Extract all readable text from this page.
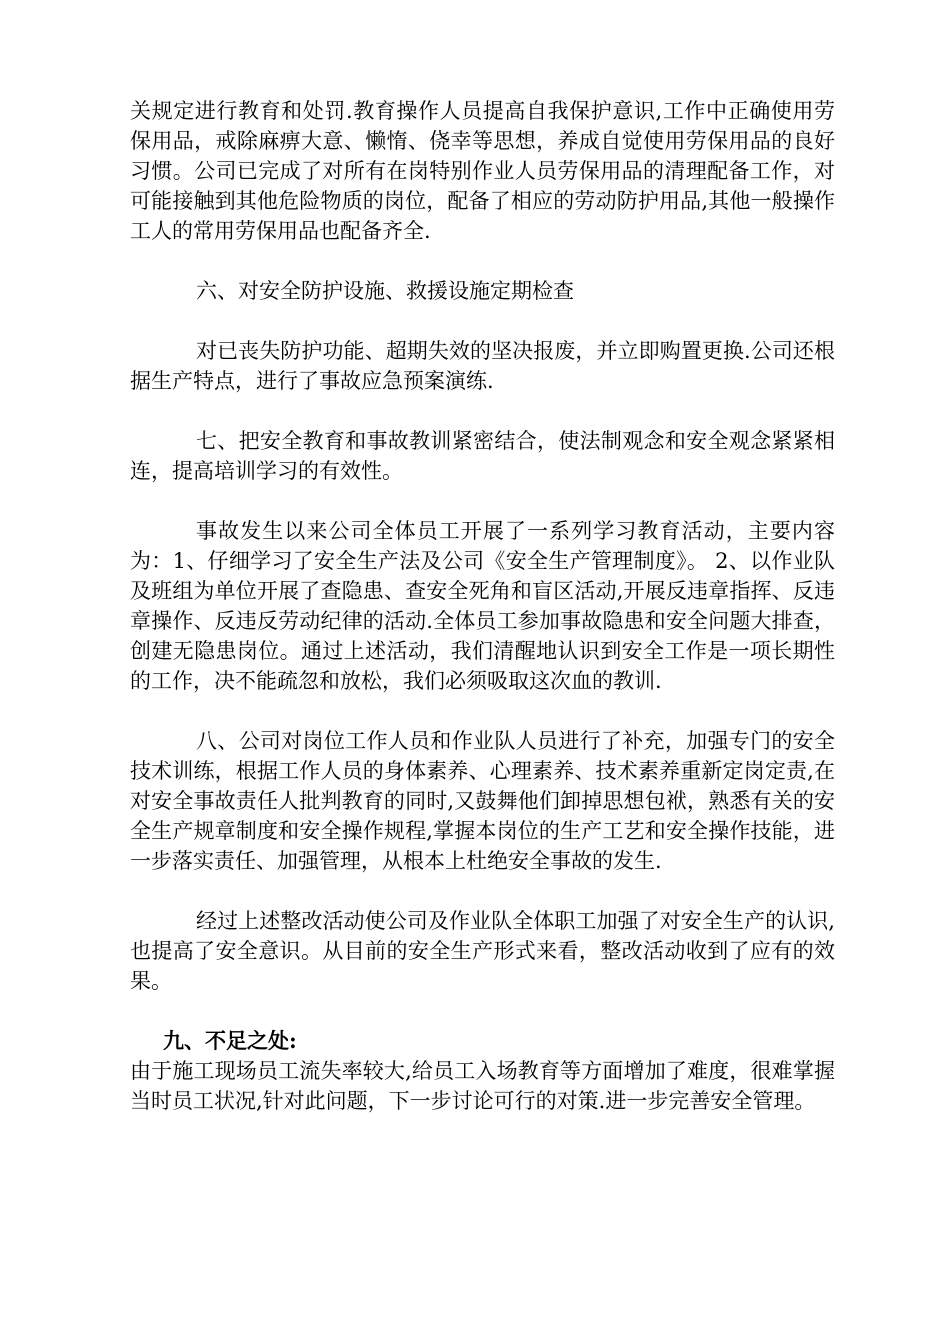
关规定进行教育和处罚.教育操作人员提高自我保护意识,工作中正确使用劳保用品，戒除麻痹大意、懒惰、侥幸等思想，养成自觉使用劳保用品的良好习惯。公司已完成了对所有在岗特别作业人员劳保用品的清理配备工作，对可能接触到其他危险物质的岗位，配备了相应的劳动防护用品,其他一般操作工人的常用劳保用品也配备齐全.

六、对安全防护设施、救援设施定期检查

对已丧失防护功能、超期失效的坚决报废，并立即购置更换.公司还根据生产特点，进行了事故应急预案演练.

七、把安全教育和事故教训紧密结合，使法制观念和安全观念紧紧相连，提高培训学习的有效性。

事故发生以来公司全体员工开展了一系列学习教育活动，主要内容为：1、仔细学习了安全生产法及公司《安全生产管理制度》。 2、以作业队及班组为单位开展了查隐患、查安全死角和盲区活动,开展反违章指挥、反违章操作、反违反劳动纪律的活动.全体员工参加事故隐患和安全问题大排查，创建无隐患岗位。通过上述活动，我们清醒地认识到安全工作是一项长期性的工作，决不能疏忽和放松，我们必须吸取这次血的教训.

八、公司对岗位工作人员和作业队人员进行了补充，加强专门的安全技术训练，根据工作人员的身体素养、心理素养、技术素养重新定岗定责,在对安全事故责任人批判教育的同时,又鼓舞他们卸掉思想包袱，熟悉有关的安全生产规章制度和安全操作规程,掌握本岗位的生产工艺和安全操作技能，进一步落实责任、加强管理，从根本上杜绝安全事故的发生.

经过上述整改活动使公司及作业队全体职工加强了对安全生产的认识,也提高了安全意识。从目前的安全生产形式来看，整改活动收到了应有的效果。

九、不足之处:

由于施工现场员工流失率较大,给员工入场教育等方面增加了难度，很难掌握当时员工状况,针对此问题，下一步讨论可行的对策.进一步完善安全管理。
